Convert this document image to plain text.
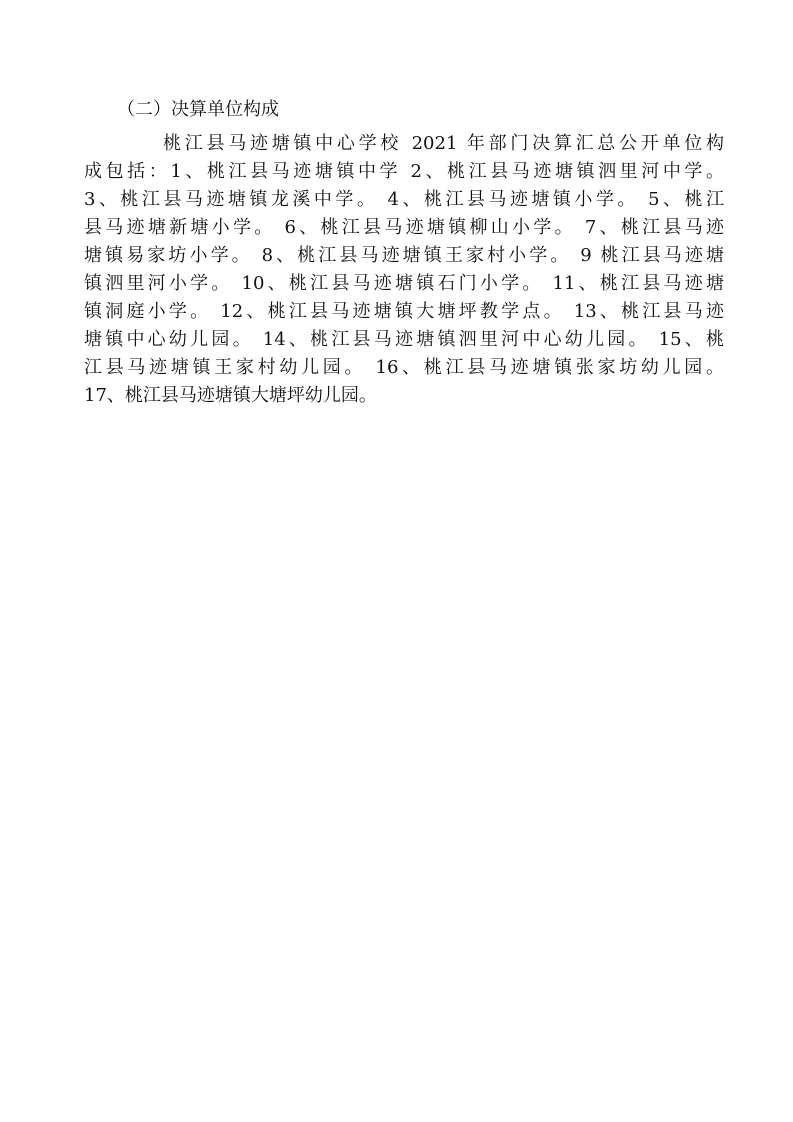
（二）决算单位构成
桃江县马迹塘镇中心学校 2021 年部门决算汇总公开单位构
成包括：1、桃江县马迹塘镇中学 2、桃江县马迹塘镇泗里河中学。
3、桃江县马迹塘镇龙溪中学。 4、桃江县马迹塘镇小学。 5、桃江
县马迹塘新塘小学。 6、桃江县马迹塘镇柳山小学。 7、桃江县马迹
塘镇易家坊小学。 8、桃江县马迹塘镇王家村小学。 9 桃江县马迹塘
镇泗里河小学。 10、桃江县马迹塘镇石门小学。 11、桃江县马迹塘
镇洞庭小学。 12、桃江县马迹塘镇大塘坪教学点。 13、桃江县马迹
塘镇中心幼儿园。 14、桃江县马迹塘镇泗里河中心幼儿园。 15、桃
江县马迹塘镇王家村幼儿园。 16、桃江县马迹塘镇张家坊幼儿园。
17、桃江县马迹塘镇大塘坪幼儿园。
